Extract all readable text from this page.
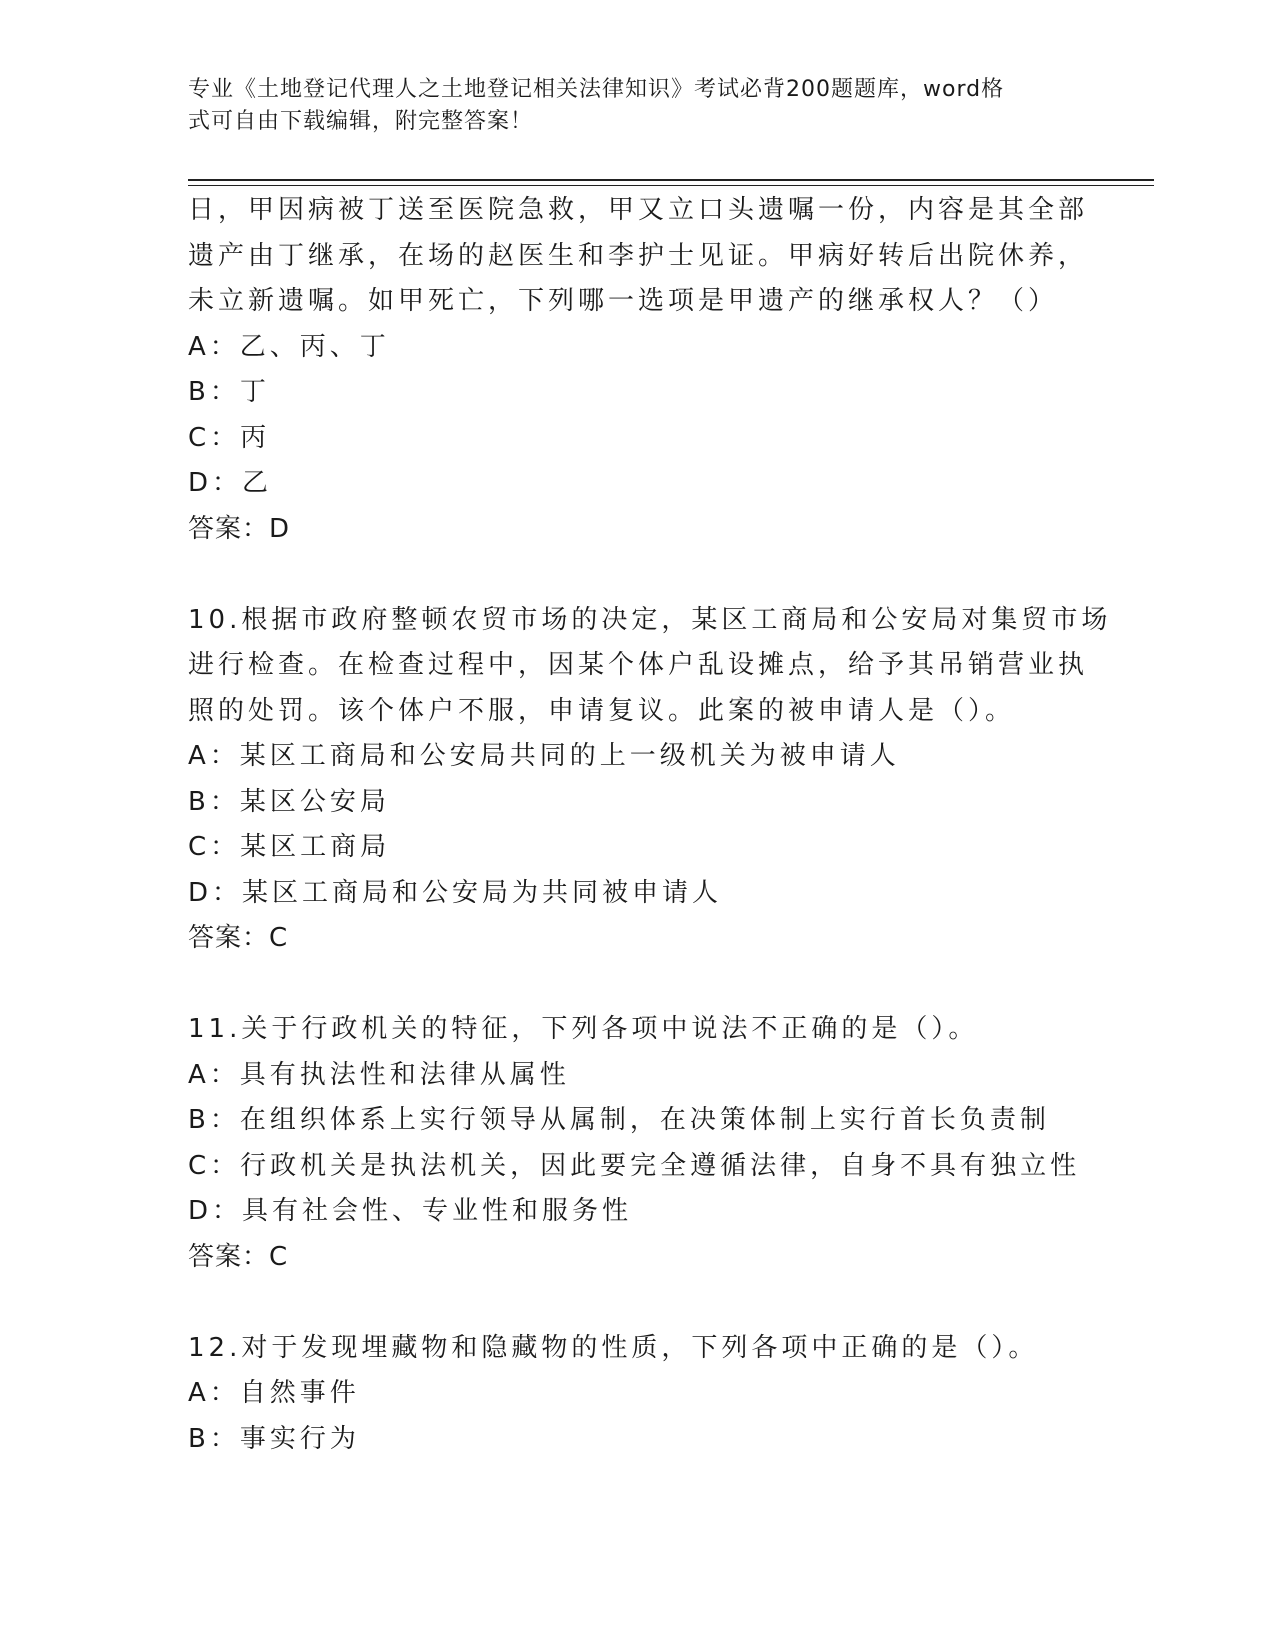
专业《土地登记代理人之土地登记相关法律知识》考试必背200题题库，word格
式可自由下载编辑，附完整答案！
日，甲因病被丁送至医院急救，甲又立口头遗嘱一份，内容是其全部
遗产由丁继承，在场的赵医生和李护士见证。甲病好转后出院休养，
未立新遗嘱。如甲死亡，下列哪一选项是甲遗产的继承权人？（）
A：乙、丙、丁
B：丁
C：丙
D：乙
答案：D
10.根据市政府整顿农贸市场的决定，某区工商局和公安局对集贸市场
进行检查。在检查过程中，因某个体户乱设摊点，给予其吊销营业执
照的处罚。该个体户不服，申请复议。此案的被申请人是（）。
A：某区工商局和公安局共同的上一级机关为被申请人
B：某区公安局
C：某区工商局
D：某区工商局和公安局为共同被申请人
答案：C
11.关于行政机关的特征，下列各项中说法不正确的是（）。
A：具有执法性和法律从属性
B：在组织体系上实行领导从属制，在决策体制上实行首长负责制
C：行政机关是执法机关，因此要完全遵循法律，自身不具有独立性
D：具有社会性、专业性和服务性
答案：C
12.对于发现埋藏物和隐藏物的性质，下列各项中正确的是（）。
A：自然事件
B：事实行为
